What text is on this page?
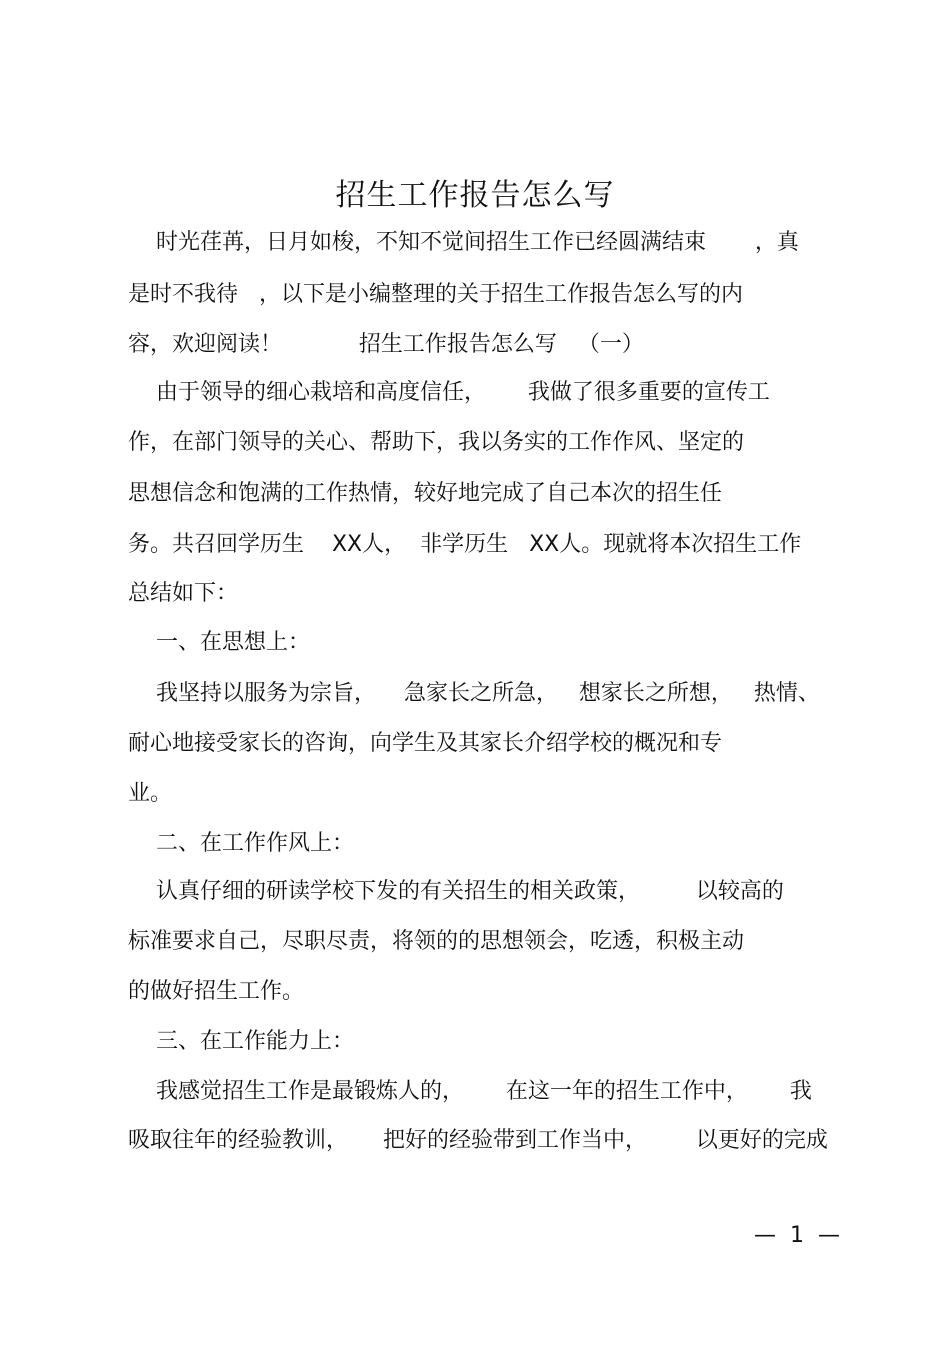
招生工作报告怎么写
时光荏苒，日月如梭，不知不觉间招生工作已经圆满结束       ，真
是时不我待   ，以下是小编整理的关于招生工作报告怎么写的内
容，欢迎阅读！           招生工作报告怎么写   （一）
由于领导的细心栽培和高度信任，      我做了很多重要的宣传工
作，在部门领导的关心、帮助下，我以务实的工作作风、坚定的
思想信念和饱满的工作热情，较好地完成了自己本次的招生任
务。共召回学历生    XX人，  非学历生   XX人。现就将本次招生工作
总结如下：
一、在思想上：
我坚持以服务为宗旨，    急家长之所急，   想家长之所想，   热情、
耐心地接受家长的咨询，向学生及其家长介绍学校的概况和专
业。
二、在工作作风上：
认真仔细的研读学校下发的有关招生的相关政策，        以较高的
标准要求自己，尽职尽责，将领的的思想领会，吃透，积极主动
的做好招生工作。
三、在工作能力上：
我感觉招生工作是最锻炼人的，      在这一年的招生工作中，      我
吸取往年的经验教训，     把好的经验带到工作当中，       以更好的完成
—  1  —
